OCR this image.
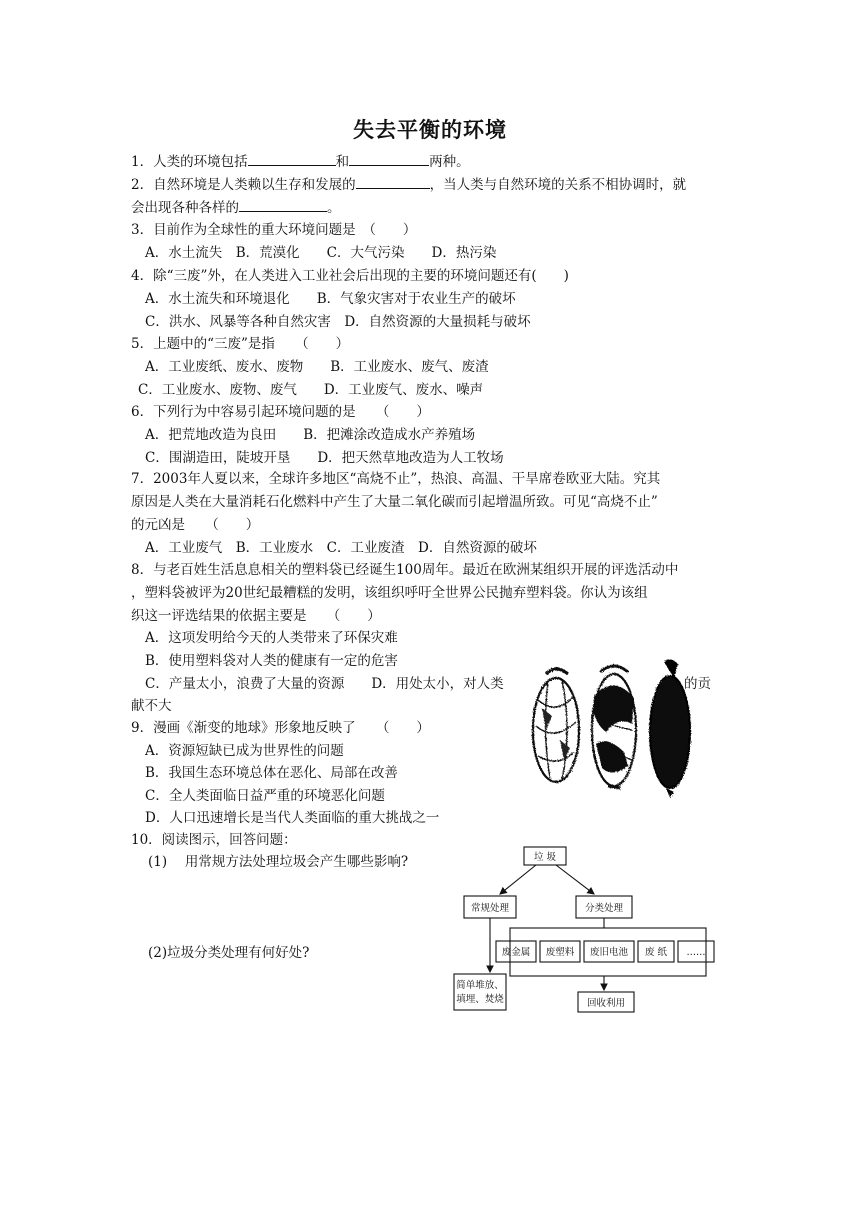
失去平衡的环境
1．人类的环境包括	和	两种。
2．自然环境是人类赖以生存和发展的	，当人类与自然环境的关系不相协调时，就
会出现各种各样的	。
3．目前作为全球性的重大环境问题是　（　　）
A．水土流失　B．荒漠化　　C．大气污染　　D．热污染
4．除“三废”外，在人类进入工业社会后出现的主要的环境问题还有(　　)
A．水土流失和环境退化　　B．气象灾害对于农业生产的破坏
C．洪水、风暴等各种自然灾害　D．自然资源的大量损耗与破坏
5．上题中的“三废”是指　　（　　）
A．工业废纸、废水、废物　　B．工业废水、废气、废渣
C．工业废水、废物、废气　　D．工业废气、废水、噪声
6．下列行为中容易引起环境问题的是　　（　　）
A．把荒地改造为良田　　B．把滩涂改造成水产养殖场
C．围湖造田，陡坡开垦　　D．把天然草地改造为人工牧场
7．2003年人夏以来，全球许多地区“高烧不止”，热浪、高温、干旱席卷欧亚大陆。究其
原因是人类在大量消耗石化燃料中产生了大量二氧化碳而引起增温所致。可见“高烧不止”
的元凶是　　（　　）
A．工业废气　B．工业废水　C．工业废渣　D．自然资源的破坏
8．与老百姓生活息息相关的塑料袋已经诞生100周年。最近在欧洲某组织开展的评选活动中
，塑料袋被评为20世纪最糟糕的发明，该组织呼吁全世界公民抛弃塑料袋。你认为该组
织这一评选结果的依据主要是　　（　　）
A．这项发明给今天的人类带来了环保灾难
B．使用塑料袋对人类的健康有一定的危害
C．产量太小，浪费了大量的资源　　D．用处太小，对人类	的贡
献不大
9．漫画《渐变的地球》形象地反映了　　（　　）
A．资源短缺已成为世界性的问题
B．我国生态环境总体在恶化、局部在改善
C．全人类面临日益严重的环境恶化问题
D．人口迅速增长是当代人类面临的重大挑战之一
10．阅读图示，回答问题：
(1)　 用常规方法处理垃圾会产生哪些影响?
(2)垃圾分类处理有何好处?
垃 圾
常规处理	分类处理
废金属 废塑料 废旧电池 废 纸 ……
简单堆放、
填埋、焚烧	回收利用
